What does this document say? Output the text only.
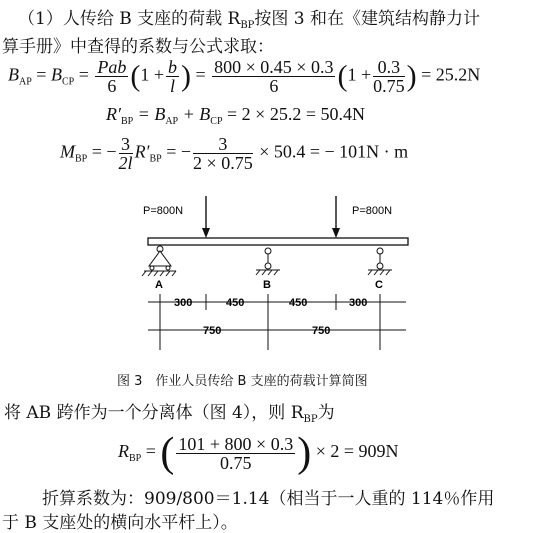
（1）人传给 B 支座的荷载 $R_{BP}$按图 3 和在《建筑结构静力计
算手册》中查得的系数与公式求取：
$B_{AP} = B_{CP} = \frac{\text{Pab}}{6} (1 + \frac{b}{l}$ ) = $\frac{800 \times 0.45 \times 0.3}{6} (1 + \frac{0.3}{0.75}$ ) = 25.2N
$R'_{BP} = B_{AP} + B_{CP} = 2 \times 25.2 = 50.4N$
$M_{BP}$ = − $\frac{3}{2l} R'_{BP}$ = − $\frac{3}{2 \times 0.75} \times 50.4$ = − 101N · m
P=800N	P=800N
A	B	C
300	450	450	300
750	750
图 3　作业人员传给 B 支座的荷载计算简图
将 AB 跨作为一个分离体（图 4），则 $R_{BP}$为
$R_{BP}$ = ( $\frac{101 + 800 \times 0.3}{0.75}$ ) × 2 = 909N
折算系数为：909/800＝1.14（相当于一人重的 114％作用
于 B 支座处的横向水平杆上）。
